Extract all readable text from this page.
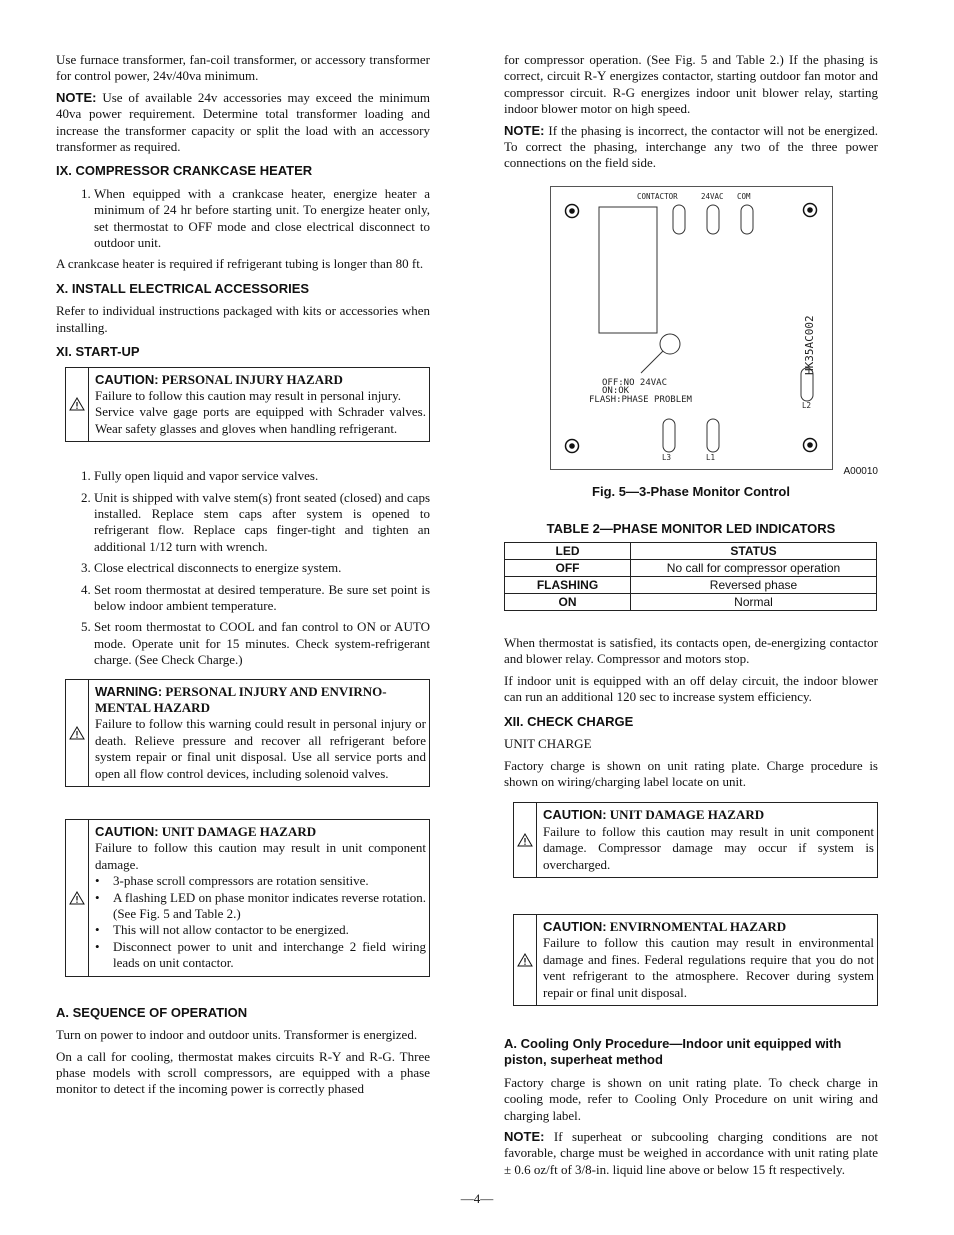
Use furnace transformer, fan-coil transformer, or accessory transformer for control power, 24v/40va minimum.

NOTE: Use of available 24v accessories may exceed the minimum 40va power requirement. Determine total transformer loading and increase the transformer capacity or split the load with an accessory transformer as required.

IX. COMPRESSOR CRANKCASE HEATER
1. When equipped with a crankcase heater, energize heater a minimum of 24 hr before starting unit. To energize heater only, set thermostat to OFF mode and close electrical disconnect to outdoor unit.

A crankcase heater is required if refrigerant tubing is longer than 80 ft.

X. INSTALL ELECTRICAL ACCESSORIES

Refer to individual instructions packaged with kits or accessories when installing.

XI. START-UP
CAUTION: PERSONAL INJURY HAZARD

Failure to follow this caution may result in personal injury.

Service valve gage ports are equipped with Schrader valves. Wear safety glasses and gloves when handling refrigerant.

1. Fully open liquid and vapor service valves.
2. Unit is shipped with valve stem(s) front seated (closed) and caps installed. Replace stem caps after system is opened to refrigerant flow. Replace caps finger-tight and tighten an additional 1/12 turn with wrench.
3. Close electrical disconnects to energize system.
4. Set room thermostat at desired temperature. Be sure set point is below indoor ambient temperature.
5. Set room thermostat to COOL and fan control to ON or AUTO mode. Operate unit for 15 minutes. Check system-refrigerant charge. (See Check Charge.)
WARNING: PERSONAL INJURY AND ENVIRNO-MENTAL HAZARD

Failure to follow this warning could result in personal injury or death. Relieve pressure and recover all refrigerant before system repair or final unit disposal. Use all service ports and open all flow control devices, including solenoid valves.

CAUTION: UNIT DAMAGE HAZARD

Failure to follow this caution may result in unit component damage.

• 3-phase scroll compressors are rotation sensitive.
• A flashing LED on phase monitor indicates reverse rotation. (See Fig. 5 and Table 2.)
• This will not allow contactor to be energized.
• Disconnect power to unit and interchange 2 field wiring leads on unit contactor.
A. SEQUENCE OF OPERATION

Turn on power to indoor and outdoor units. Transformer is energized.

On a call for cooling, thermostat makes circuits R-Y and R-G. Three phase models with scroll compressors, are equipped with a phase monitor to detect if the incoming power is correctly phased

for compressor operation. (See Fig. 5 and Table 2.) If the phasing is correct, circuit R-Y energizes contactor, starting outdoor fan motor and compressor circuit. R-G energizes indoor unit blower relay, starting indoor blower motor on high speed.

NOTE: If the phasing is incorrect, the contactor will not be energized. To correct the phasing, interchange any two of the three power connections on the field side.

CONTACTOR	24VAC COM
HK35AC002
OFF:NO 24VAC
ON:OK
FLASH:PHASE PROBLEM
L2
L3	L1
A00010
Fig. 5—3-Phase Monitor Control
TABLE 2—PHASE MONITOR LED INDICATORS
LED	STATUS
OFF	No call for compressor operation
FLASHING	Reversed phase
ON	Normal

When thermostat is satisfied, its contacts open, de-energizing contactor and blower relay. Compressor and motors stop.

If indoor unit is equipped with an off delay circuit, the indoor blower can run an additional 120 sec to increase system efficiency.

XII. CHECK CHARGE

UNIT CHARGE

Factory charge is shown on unit rating plate. Charge procedure is shown on wiring/charging label locate on unit.

CAUTION: UNIT DAMAGE HAZARD

Failure to follow this caution may result in unit component damage. Compressor damage may occur if system is overcharged.

CAUTION: ENVIRNOMENTAL HAZARD

Failure to follow this caution may result in environmental damage and fines. Federal regulations require that you do not vent refrigerant to the atmosphere. Recover during system repair or final unit disposal.

A. Cooling Only Procedure—Indoor unit equipped with piston, superheat method

Factory charge is shown on unit rating plate. To check charge in cooling mode, refer to Cooling Only Procedure on unit wiring and charging label.

NOTE: If superheat or subcooling charging conditions are not favorable, charge must be weighed in accordance with unit rating plate ± 0.6 oz/ft of 3/8-in. liquid line above or below 15 ft respectively.

—4—
